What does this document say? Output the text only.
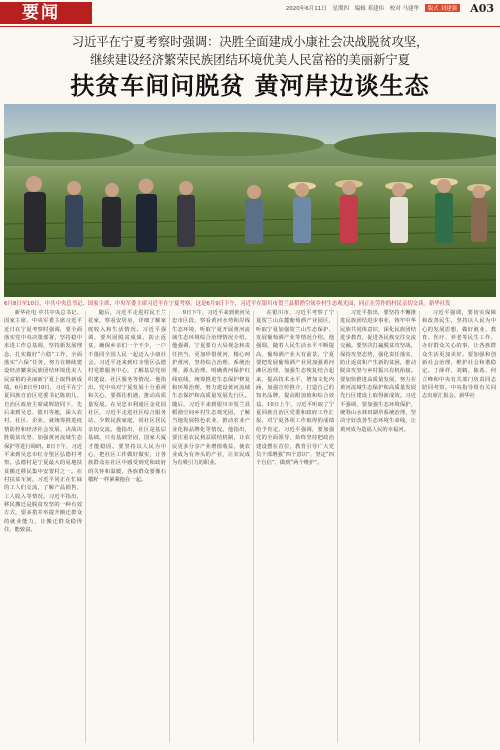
要闻	2020年6月11日 星期四 编辑 邓建伟 校对 马建华 版式 刘建强 A03
习近平在宁夏考察时强调：决胜全面建成小康社会决战脱贫攻坚，
继续建设经济繁荣民族团结环境优美人民富裕的美丽新宁夏
扶贫车间问脱贫 黄河岸边谈生态
6月8日至10日，中共中央总书记、国家主席、中央军委主席习近平在宁夏考察。这是6月9日下午，习近平在银川市贺兰县稻渔空间乡村生态观光园，同正在劳作的村民亲切交谈。新华社发

新华社电 中共中央总书记、国家主席、中央军委主席习近平近日在宁夏考察时强调，要全面落实党中央决策部署，坚持稳中求进工作总基调，坚持新发展理念，扎实做好“六稳”工作，全面落实“六保”任务，努力在继续建设经济繁荣民族团结环境优美人民富裕的美丽新宁夏上取得新成绩。6月8日至10日，习近平在宁夏回族自治区党委书记陈润儿、自治区政府主席咸辉陪同下，先后来到吴忠、银川等地，深入农村、社区、企业，就统筹推进疫情防控和经济社会发展、决战决胜脱贫攻坚、加强黄河流域生态保护等进行调研。8日下午，习近平来到吴忠市红寺堡区弘德村考察。弘德村是宁夏最大的易地扶贫搬迁移民集中安置村之一。在村扶贫车间，习近平同正在忙碌的工人们交流，了解产品销售、工人收入等情况。习近平指出，移民搬迁是脱贫攻坚的一种有效方式，要多措并举提升搬迁群众的就业能力，让搬迁群众稳得住、能致富。

随后，习近平走进村民王兰花家，察看安居房，详细了解家庭收入和生活情况。习近平强调，要巩固脱贫成果，防止返贫，确保乡亲们一个不少、一户不落同全国人民一起迈入小康社会。习近平还来到红寺堡区弘德村党群服务中心，了解基层党组织建设、社区服务等情况。他指出，党中央对宁夏发展十分重视和关心，要抓住机遇，推动高质量发展。在吴忠市利通区金花园社区，习近平走进社区综合服务站、少数民族家庭，同社区居民亲切交流。他指出，社区是基层基础，只有基础坚固，国家大厦才能稳固。要坚持以人民为中心，把社区工作做好做实，让各族群众在社区中感受到党和政府的关怀和温暖，各族群众要像石榴籽一样紧紧抱在一起。

9日下午，习近平来到黄河吴忠市区段，察看黄河水势和岸线生态环境，听取宁夏开展黄河流域生态环境综合治理情况介绍。他强调，宁夏要有大局观念和责任担当，更加珍惜黄河，精心呵护黄河，坚持综合治理、系统治理、源头治理，明确黄河保护红线底线，统筹推进生态保护修复和环境治理，努力建设黄河流域生态保护和高质量发展先行区。随后，习近平来到银川市贺兰县稻渔空间乡村生态观光园，了解当地发展特色农业、推动农业产业化和品牌化等情况。他指出，要注重农民利益联结机制，让农民更多分享产业增值收益，使农业成为有奔头的产业，让农民成为有吸引力的职业。

在银川市，习近平考察了宁夏贺兰山东麓葡萄酒产业园区，听取宁夏加强贺兰山生态保护、发展葡萄酒产业等情况介绍。他强调，随着人民生活水平不断提高，葡萄酒产业大有前景。宁夏要把发展葡萄酒产业同加强黄河滩区治理、加强生态恢复结合起来，提高技术水平，增加文化内涵，加强宣传推介，打造自己的知名品牌，提高附加值和综合效益。10日上午，习近平听取了宁夏回族自治区党委和政府工作汇报，对宁夏各项工作取得的成绩给予肯定。习近平强调，要加强党的全面领导，始终坚持把政治建设摆在首位，教育引导广大党员干部增强“四个意识”、坚定“四个自信”、做到“两个维护”。

习近平指出，要坚持不懈推进民族团结进步事业，铸牢中华民族共同体意识，深化民族团结进步教育，促进各民族交往交流交融。要坚决打赢脱贫攻坚战，保持攻坚态势，强化责任落实，防止返贫和产生新的贫困，推动脱贫攻坚与乡村振兴有机衔接。要加快推进高质量发展，努力在黄河流域生态保护和高质量发展先行区建设上取得新成效。习近平强调，要加强生态环境保护，统筹山水林田湖草系统治理，坚决守好改善生态环境生命线，让黄河成为造福人民的幸福河。

习近平强调，要切实保障和改善民生，坚持以人民为中心的发展思想，做好就业、教育、医疗、养老等民生工作，办好群众关心的事，让各族群众生活更加美好。要加强和创新社会治理，维护社会和谐稳定。丁薛祥、刘鹤、陈希、何立峰和中央有关部门负责同志陪同考察。中央指导组有关同志出席汇报会。新华社
